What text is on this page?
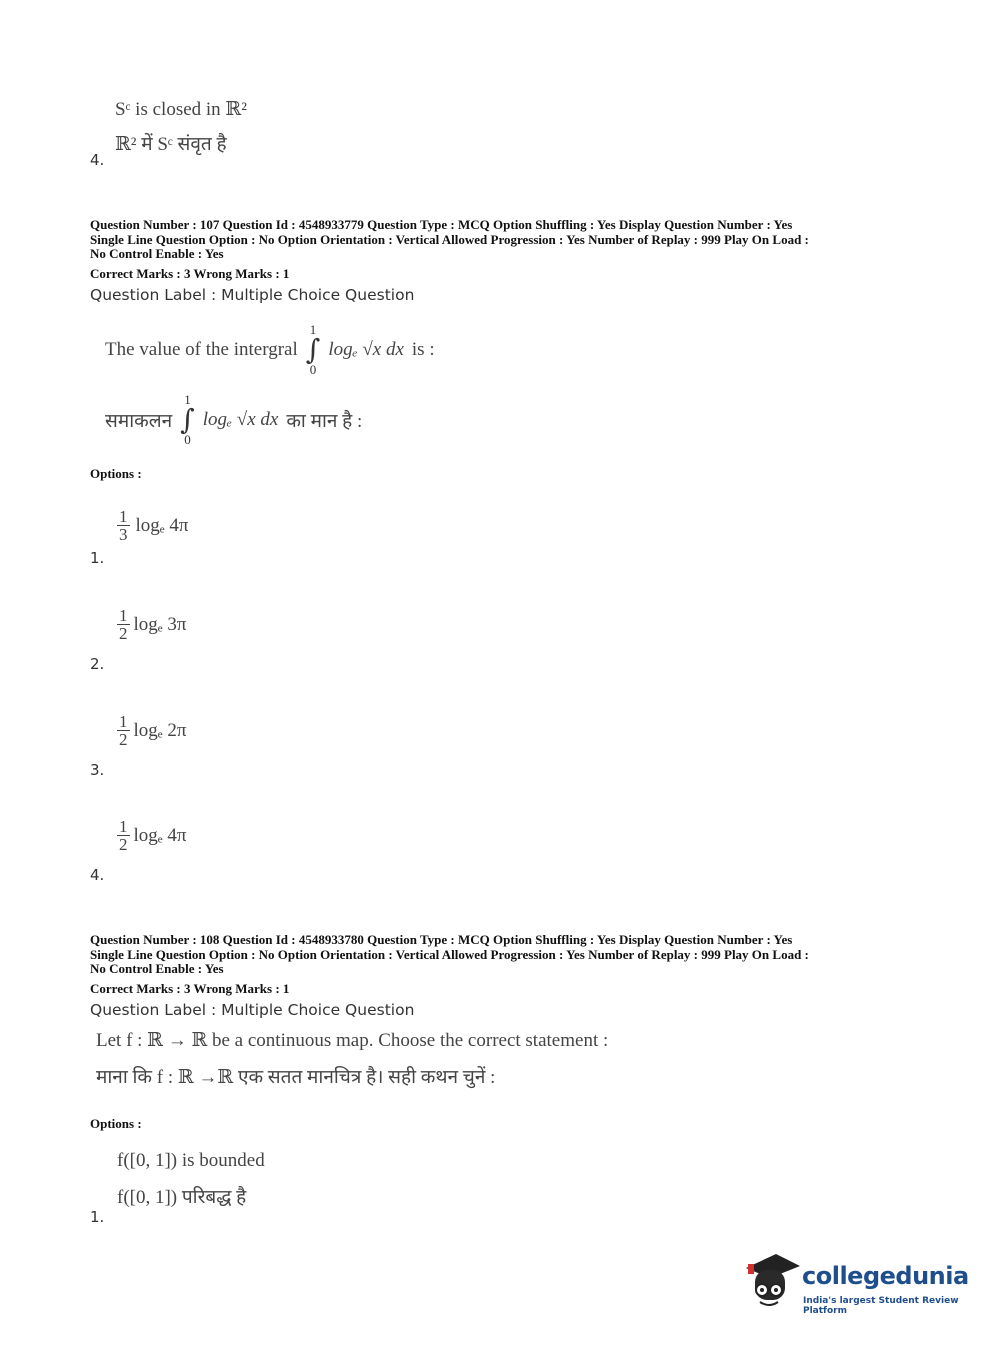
Sᶜ is closed in ℝ²
ℝ² में Sᶜ संवृत है
4.
Question Number : 107 Question Id : 4548933779 Question Type : MCQ Option Shuffling : Yes Display Question Number : Yes
Single Line Question Option : No Option Orientation : Vertical Allowed Progression : Yes Number of Replay : 999 Play On Load :
No Control Enable : Yes
Correct Marks : 3 Wrong Marks : 1
Question Label : Multiple Choice Question
The value of the intergral
1
∫
0
logₑ √x dx is :
समाकलन
1
∫
0
logₑ √x dx का मान है :
Options :
$\frac{1}{3}$ logₑ 4π
1.
$\frac{1}{2}$ logₑ 3π
2.
$\frac{1}{2}$ logₑ 2π
3.
$\frac{1}{2}$ logₑ 4π
4.
Question Number : 108 Question Id : 4548933780 Question Type : MCQ Option Shuffling : Yes Display Question Number : Yes
Single Line Question Option : No Option Orientation : Vertical Allowed Progression : Yes Number of Replay : 999 Play On Load :
No Control Enable : Yes
Correct Marks : 3 Wrong Marks : 1
Question Label : Multiple Choice Question
Let f : ℝ → ℝ be a continuous map. Choose the correct statement :
माना कि f : ℝ →ℝ एक सतत मानचित्र है। सही कथन चुनें :
Options :
f([0, 1]) is bounded
f([0, 1]) परिबद्ध है
1.
collegedunia
India's largest Student Review Platform
